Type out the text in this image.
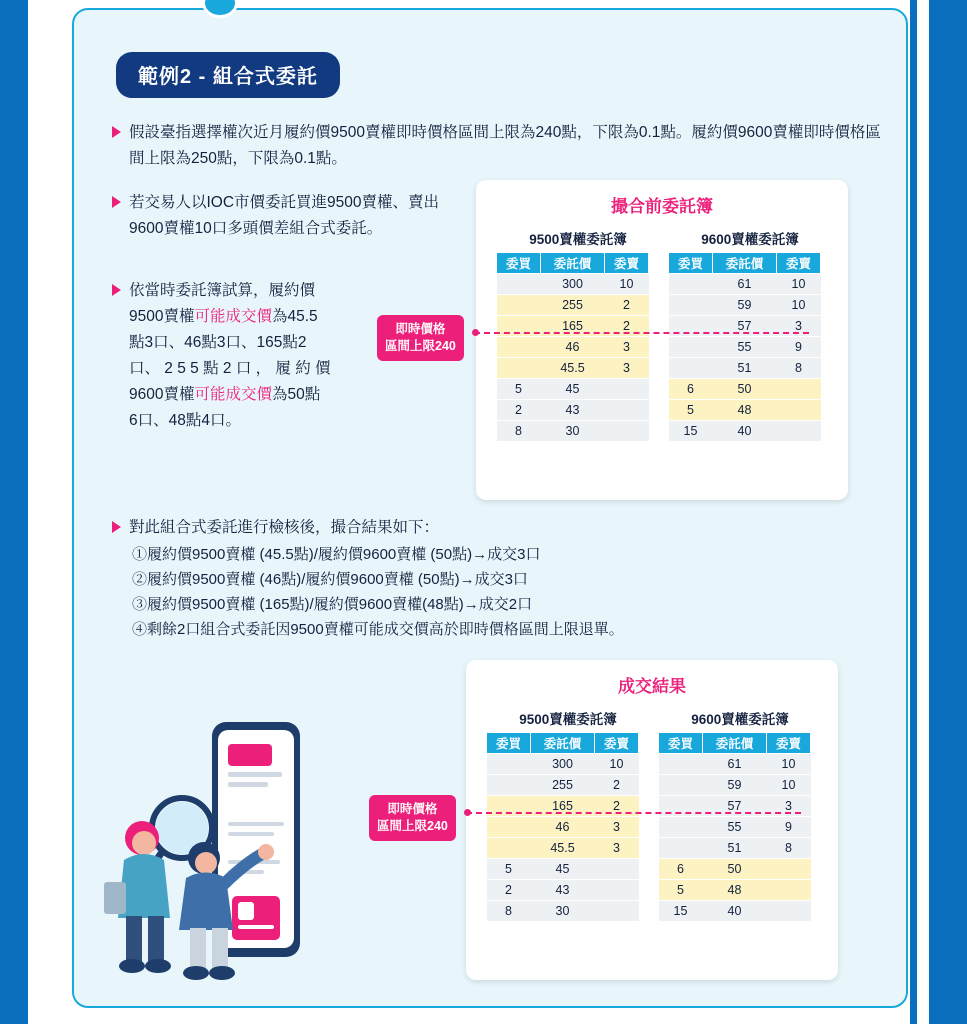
範例2 - 組合式委託
假設臺指選擇權次近月履約價9500賣權即時價格區間上限為240點，下限為0.1點。履約價9600賣權即時價格區間上限為250點，下限為0.1點。
若交易人以IOC市價委託買進9500賣權、賣出9600賣權10口多頭價差組合式委託。
依當時委託簿試算，履約價
9500賣權可能成交價為45.5
點3口、46點3口、165點2
口、 2 5 5 點 2 口 ， 履 約 價
9600賣權可能成交價為50點
6口、48點4口。
撮合前委託簿
9500賣權委託簿	9600賣權委託簿
委買	委託價	委賣
	300	10
	255	2
	165	2
	46	3
	45.5	3
5	45	
2	43	
8	30	
委買	委託價	委賣
	61	10
	59	10
	57	3
	55	9
	51	8
6	50	
5	48	
15	40	
即時價格
區間上限240
對此組合式委託進行檢核後，撮合結果如下：
①履約價9500賣權 (45.5點)/履約價9600賣權 (50點)→成交3口
②履約價9500賣權 (46點)/履約價9600賣權 (50點)→成交3口
③履約價9500賣權 (165點)/履約價9600賣權(48點)→成交2口
④剩餘2口組合式委託因9500賣權可能成交價高於即時價格區間上限退單。
成交結果
9500賣權委託簿	9600賣權委託簿
委買	委託價	委賣
	300	10
	255	2
	165	2
	46	3
	45.5	3
5	45	
2	43	
8	30	
委買	委託價	委賣
	61	10
	59	10
	57	3
	55	9
	51	8
6	50	
5	48	
15	40	
即時價格
區間上限240
